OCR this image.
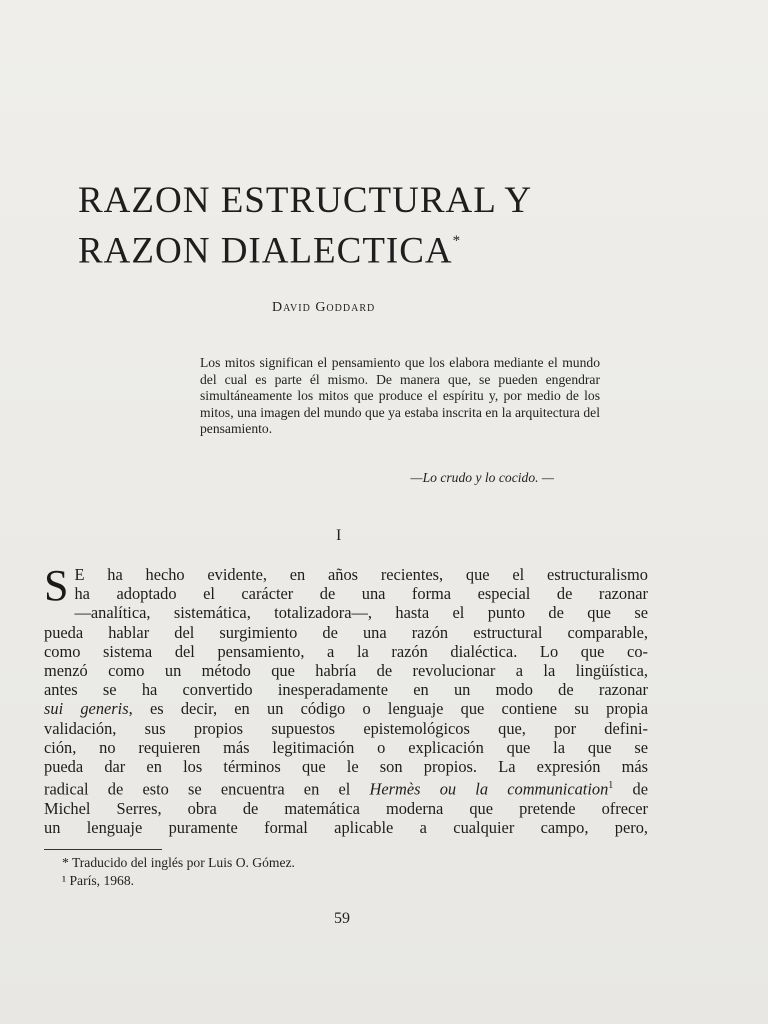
RAZON ESTRUCTURAL Y
RAZON DIALECTICA*
David Goddard
Los mitos significan el pensamiento que los elabora mediante el mundo del cual es parte él mismo. De manera que, se pueden engendrar simultáneamente los mitos que produce el espíritu y, por medio de los mitos, una imagen del mundo que ya estaba inscrita en la arquitectura del pensamiento.
—Lo crudo y lo cocido. —
I
S E ha hecho evidente, en años recientes, que el estructuralismo
ha adoptado el carácter de una forma especial de razonar
—analítica, sistemática, totalizadora—, hasta el punto de que se
pueda hablar del surgimiento de una razón estructural comparable,
como sistema del pensamiento, a la razón dialéctica. Lo que co-
menzó como un método que habría de revolucionar a la lingüística,
antes se ha convertido inesperadamente en un modo de razonar
sui generis, es decir, en un código o lenguaje que contiene su propia
validación, sus propios supuestos epistemológicos que, por defini-
ción, no requieren más legitimación o explicación que la que se
pueda dar en los términos que le son propios. La expresión más
radical de esto se encuentra en el Hermès ou la communication$^1$ de
Michel Serres, obra de matemática moderna que pretende ofrecer
un lenguaje puramente formal aplicable a cualquier campo, pero,
* Traducido del inglés por Luis O. Gómez.
¹ París, 1968.
59
